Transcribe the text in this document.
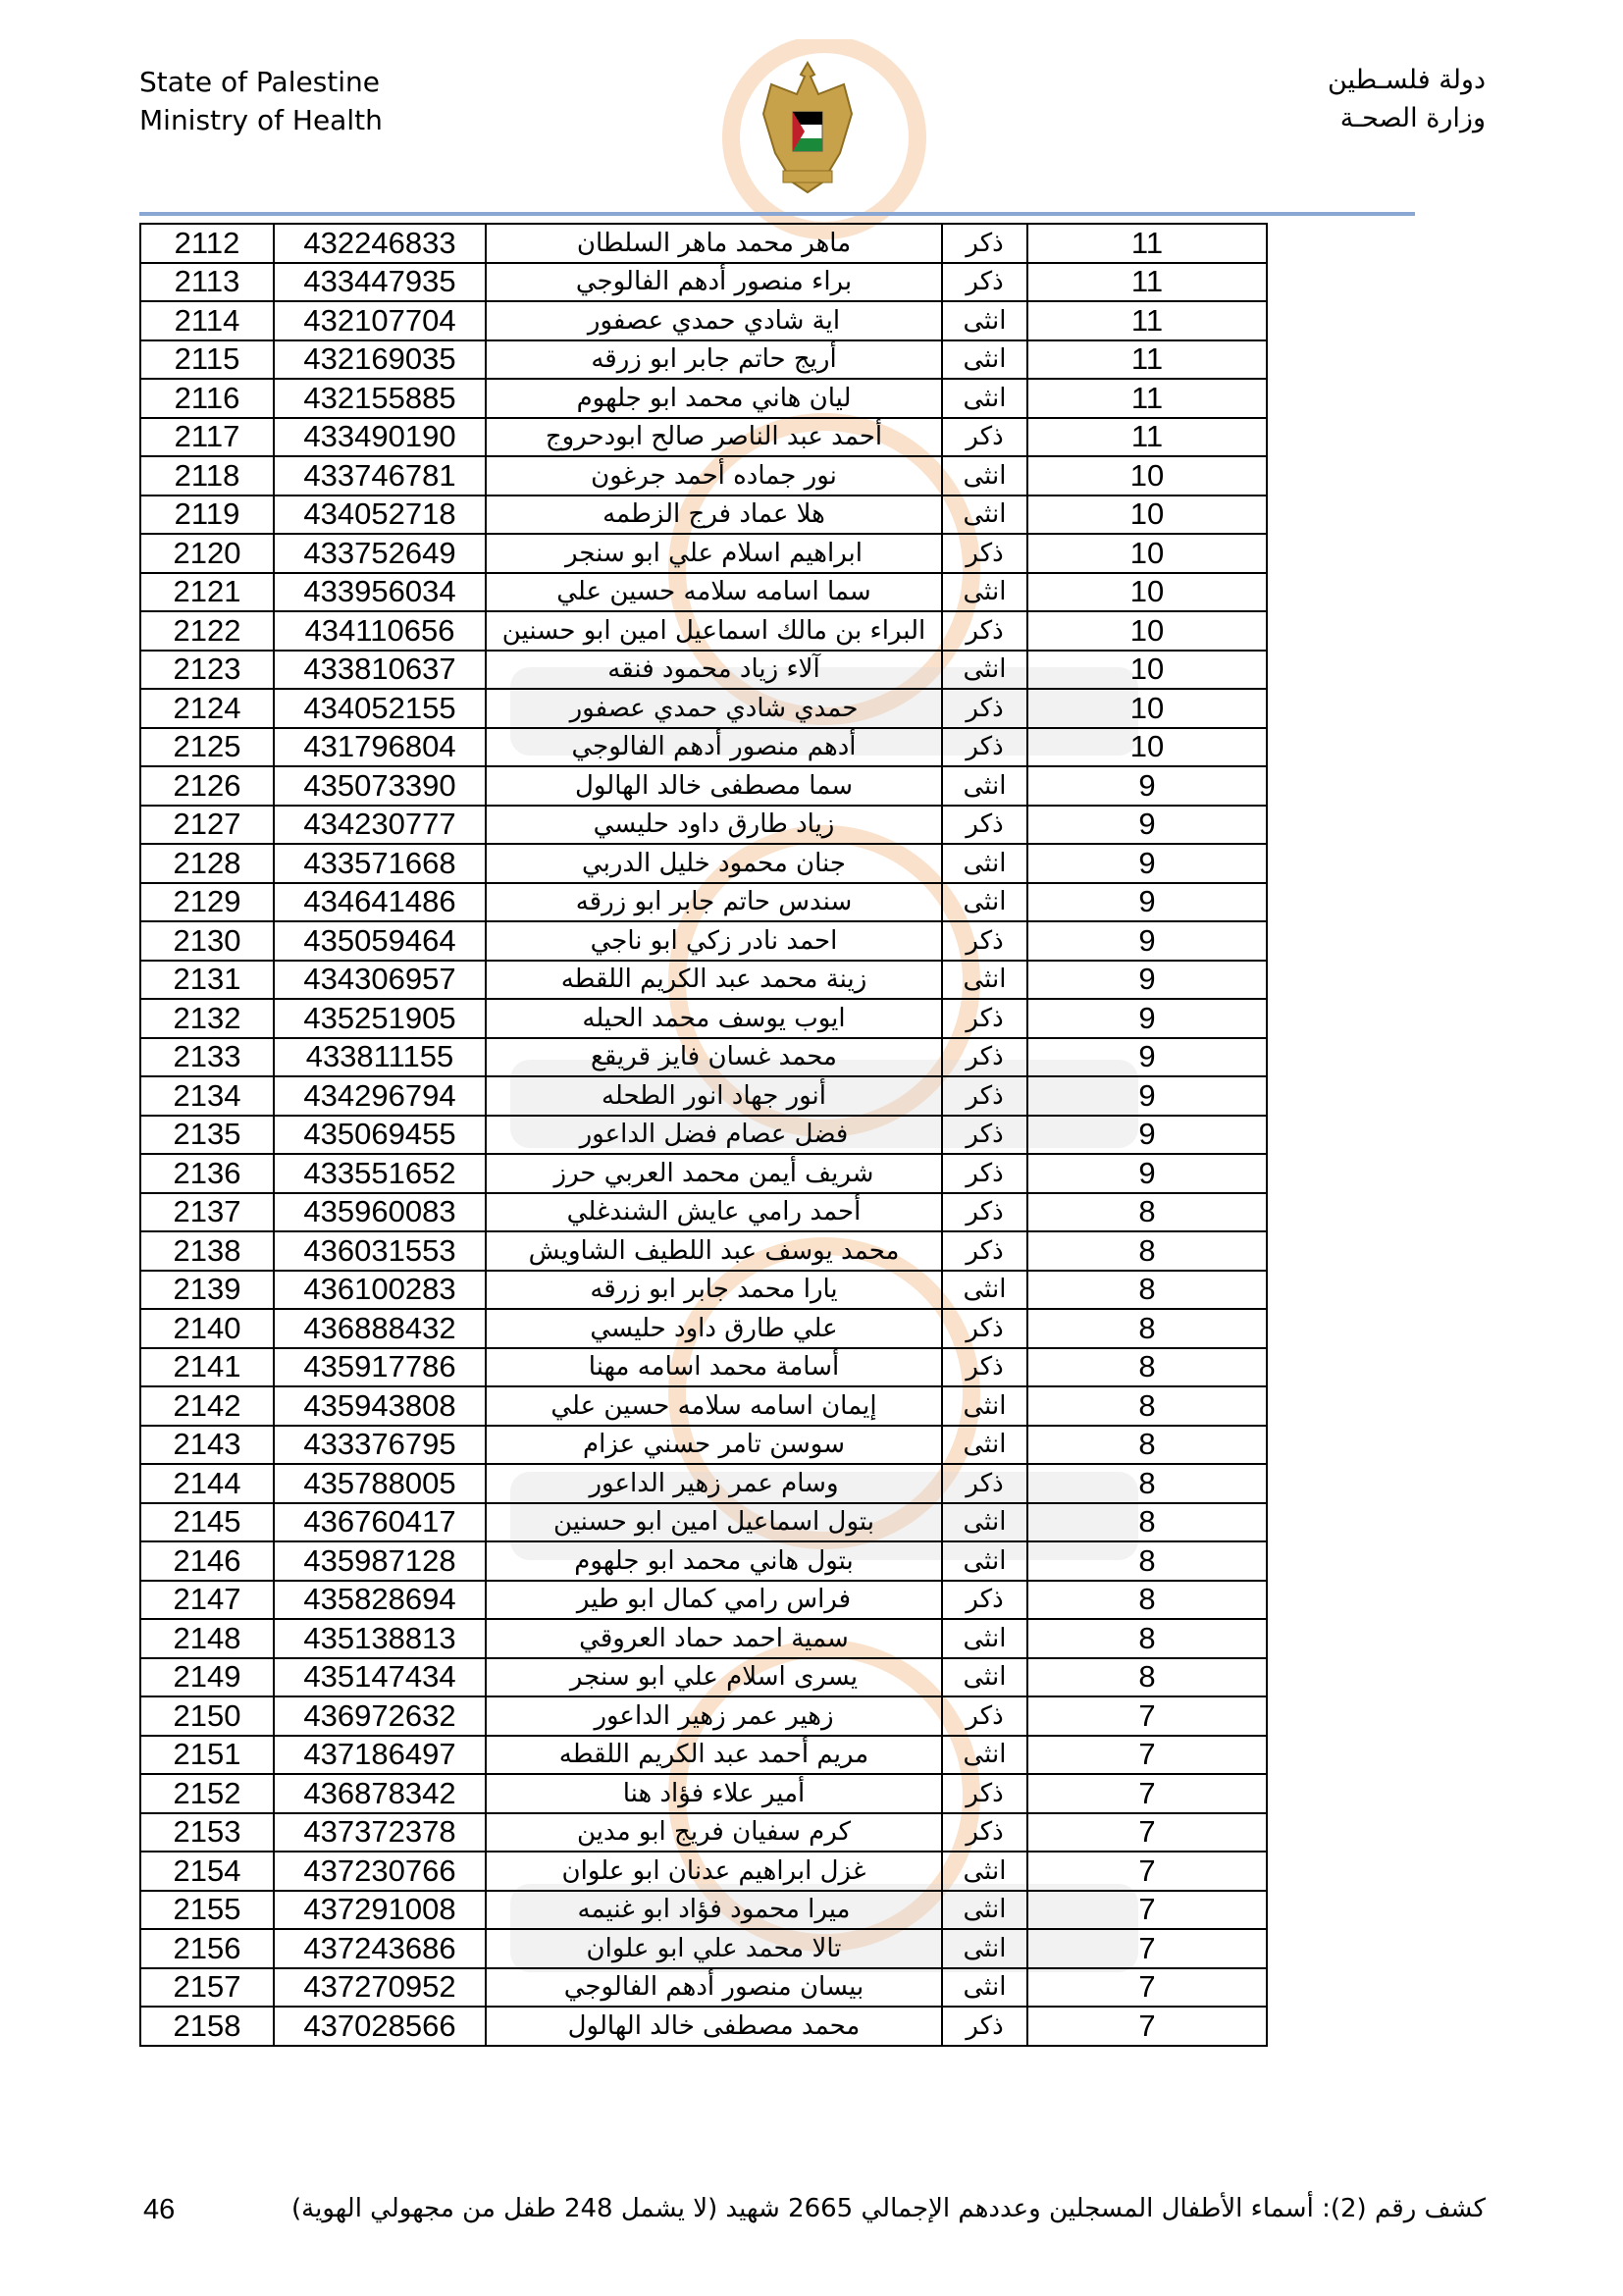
State of Palestine
Ministry of Health
دولة فلسـطين
وزارة الصحـة
2112	432246833	ماهر محمد ماهر السلطان	ذكر	11
2113	433447935	براء منصور أدهم الفالوجي	ذكر	11
2114	432107704	اية شادي حمدي عصفور	انثى	11
2115	432169035	أريج حاتم جابر ابو زرقه	انثى	11
2116	432155885	ليان هاني محمد ابو جلهوم	انثى	11
2117	433490190	أحمد عبد الناصر صالح ابودحروج	ذكر	11
2118	433746781	نور جماده أحمد جرغون	انثى	10
2119	434052718	هلا عماد فرج الزطمه	انثى	10
2120	433752649	ابراهيم اسلام علي ابو سنجر	ذكر	10
2121	433956034	سما اسامه سلامه حسين علي	انثى	10
2122	434110656	البراء بن مالك اسماعيل امين ابو حسنين	ذكر	10
2123	433810637	آلاء زياد محمود فنقه	انثى	10
2124	434052155	حمدي شادي حمدي عصفور	ذكر	10
2125	431796804	أدهم منصور أدهم الفالوجي	ذكر	10
2126	435073390	سما مصطفى خالد الهالول	انثى	9
2127	434230777	زياد طارق داود حليسي	ذكر	9
2128	433571668	جنان محمود خليل الدربي	انثى	9
2129	434641486	سندس حاتم جابر ابو زرقه	انثى	9
2130	435059464	احمد نادر زكي ابو ناجي	ذكر	9
2131	434306957	زينة محمد عبد الكريم اللقطه	انثى	9
2132	435251905	ايوب يوسف محمد الحيله	ذكر	9
2133	433811155	محمد غسان فايز قريقع	ذكر	9
2134	434296794	أنور جهاد انور الطحله	ذكر	9
2135	435069455	فضل عصام فضل الداعور	ذكر	9
2136	433551652	شريف أيمن محمد العربي حرز	ذكر	9
2137	435960083	أحمد رامي عايش الشندغلي	ذكر	8
2138	436031553	محمد يوسف عبد اللطيف الشاويش	ذكر	8
2139	436100283	يارا محمد جابر ابو زرقه	انثى	8
2140	436888432	علي طارق داود حليسي	ذكر	8
2141	435917786	أسامة محمد اسامه مهنا	ذكر	8
2142	435943808	إيمان اسامه سلامه حسين علي	انثى	8
2143	433376795	سوسن تامر حسني عزام	انثى	8
2144	435788005	وسام عمر زهير الداعور	ذكر	8
2145	436760417	بتول اسماعيل امين ابو حسنين	انثى	8
2146	435987128	بتول هاني محمد ابو جلهوم	انثى	8
2147	435828694	فراس رامي كمال ابو طير	ذكر	8
2148	435138813	سمية احمد حماد العروقي	انثى	8
2149	435147434	يسرى اسلام علي ابو سنجر	انثى	8
2150	436972632	زهير عمر زهير الداعور	ذكر	7
2151	437186497	مريم أحمد عبد الكريم اللقطه	انثى	7
2152	436878342	أمير علاء فؤاد هنا	ذكر	7
2153	437372378	كرم سفيان فريج ابو مدين	ذكر	7
2154	437230766	غزل ابراهيم عدنان ابو علوان	انثى	7
2155	437291008	ميرا محمود فؤاد ابو غنيمه	انثى	7
2156	437243686	تالا محمد علي ابو علوان	انثى	7
2157	437270952	بيسان منصور أدهم الفالوجي	انثى	7
2158	437028566	محمد مصطفى خالد الهالول	ذكر	7
46	كشف رقم (2): أسماء الأطفال المسجلين وعددهم الإجمالي 2665 شهيد (لا يشمل 248 طفل من مجهولي الهوية)
